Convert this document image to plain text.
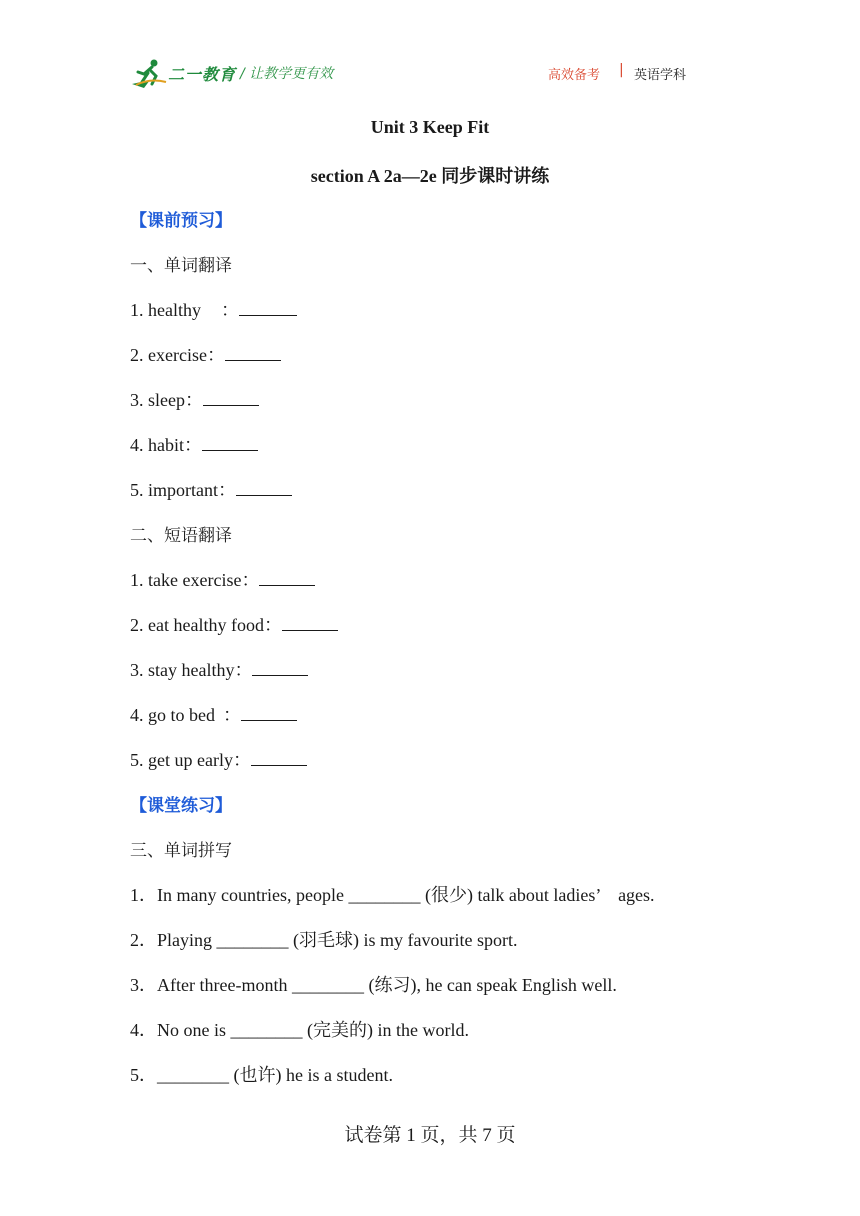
二一教育 / 让教学更有效	高效备考 | 英语学科
Unit 3 Keep Fit
section A 2a—2e 同步课时讲练
【课前预习】
一、单词翻译
1. healthy ：
2. exercise：
3. sleep：
4. habit：
5. important：
二、短语翻译
1. take exercise：
2. eat healthy food：
3. stay healthy：
4. go to bed ：
5. get up early：
【课堂练习】
三、单词拼写
1．In many countries, people ________ (很少) talk about ladies’　ages.
2．Playing ________ (羽毛球) is my favourite sport.
3．After three-month ________ (练习), he can speak English well.
4．No one is ________ (完美的) in the world.
5．________ (也许) he is a student.
试卷第 1 页，共 7 页
